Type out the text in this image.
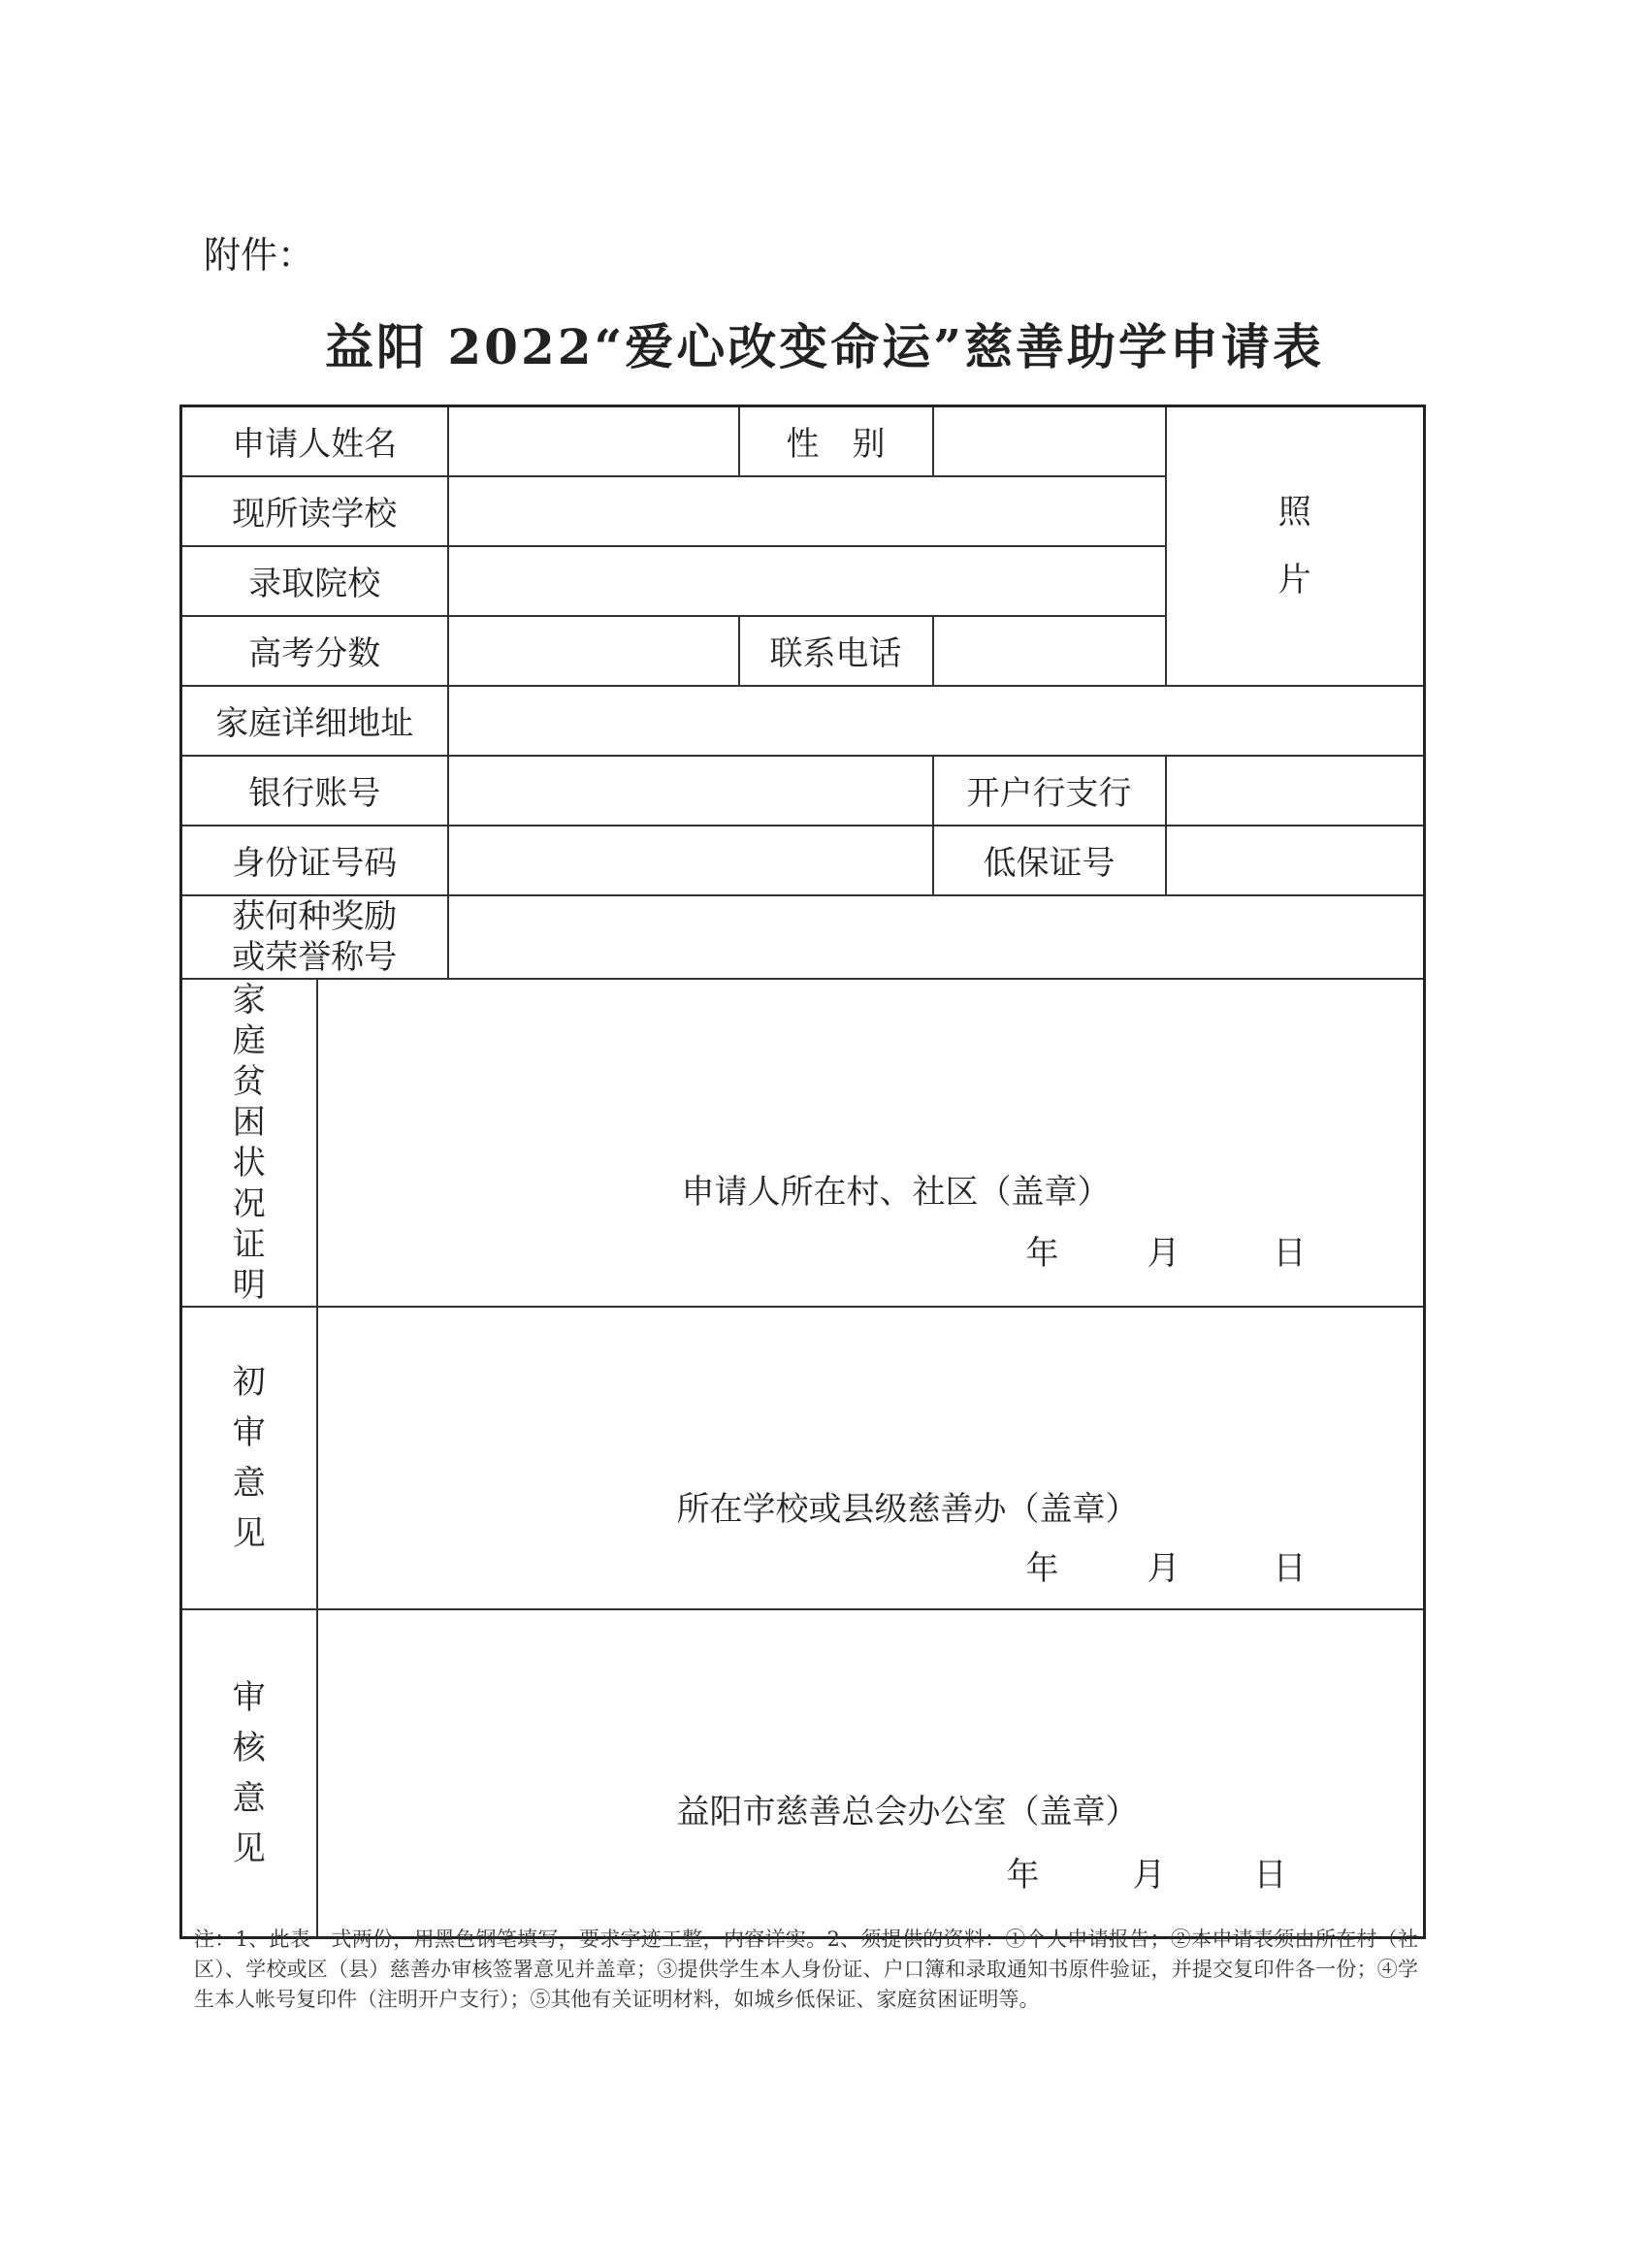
附件：
益阳 2022“爱心改变命运”慈善助学申请表
申请人姓名			性　别		照片
现所读学校					
录取院校					
高考分数			联系电话		
家庭详细地址					
银行账号				开户行支行	
身份证号码				低保证号	

获何种奖励
或荣誉称号					

家庭贫困状况证明	申请人所在村、社区（盖章）
年 月 日				

初审意见	所在学校或县级慈善办（盖章）
年 月 日				

审核意见	益阳市慈善总会办公室（盖章）
年 月 日				
注：1、此表一式两份，用黑色钢笔填写，要求字迹工整，内容详实。2、须提供的资料：①个人申请报告；②本申请表须由所在村（社区）、学校或区（县）慈善办审核签署意见并盖章；③提供学生本人身份证、户口簿和录取通知书原件验证，并提交复印件各一份；④学生本人帐号复印件（注明开户支行）；⑤其他有关证明材料，如城乡低保证、家庭贫困证明等。
